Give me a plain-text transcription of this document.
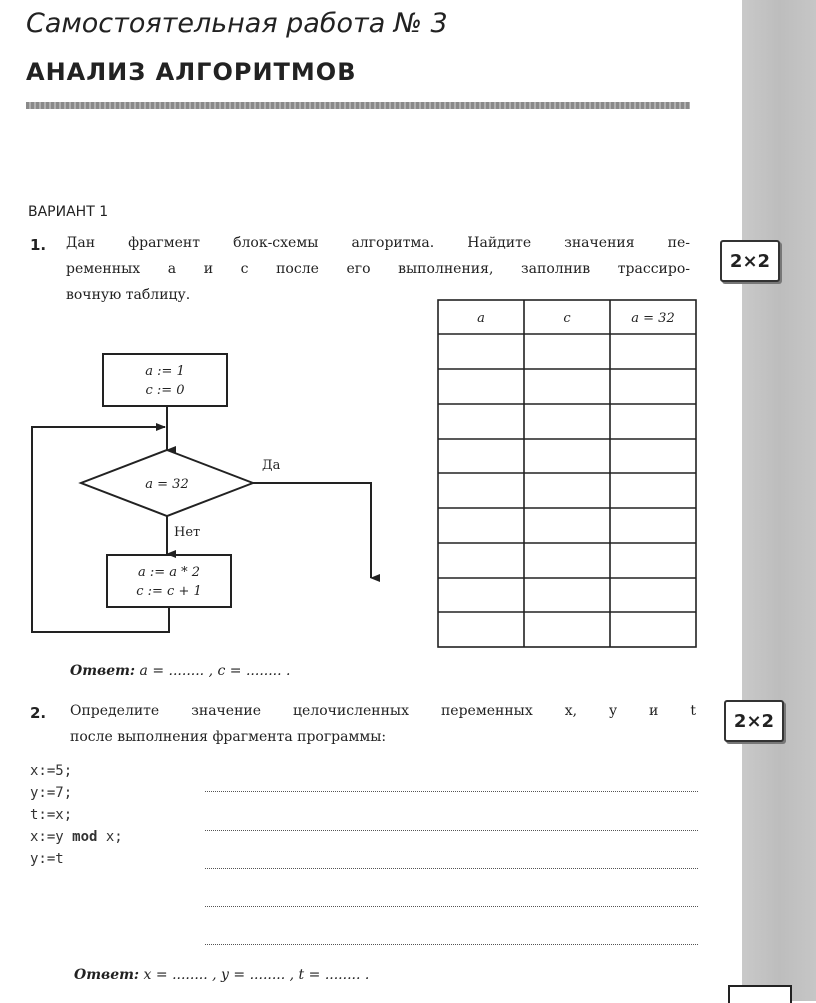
Самостоятельная работа № 3
АНАЛИЗ АЛГОРИТМОВ
ВАРИАНТ 1
1. Дан фрагмент блок-схемы алгоритма. Найдите значения пе-
ременных a и c после его выполнения, заполнив трассиро-
вочную таблицу.
2×2
a := 1
c := 0
a = 32
a := a * 2
c := c + 1
Да
Нет
a	c	a = 32
Ответ: a = ........ , c = ........ .
2. Определите значение целочисленных переменных x, y и t
после выполнения фрагмента программы:
2×2
x:=5;
y:=7;
t:=x;
x:=y mod x;
y:=t
Ответ: x = ........ , y = ........ , t = ........ .
